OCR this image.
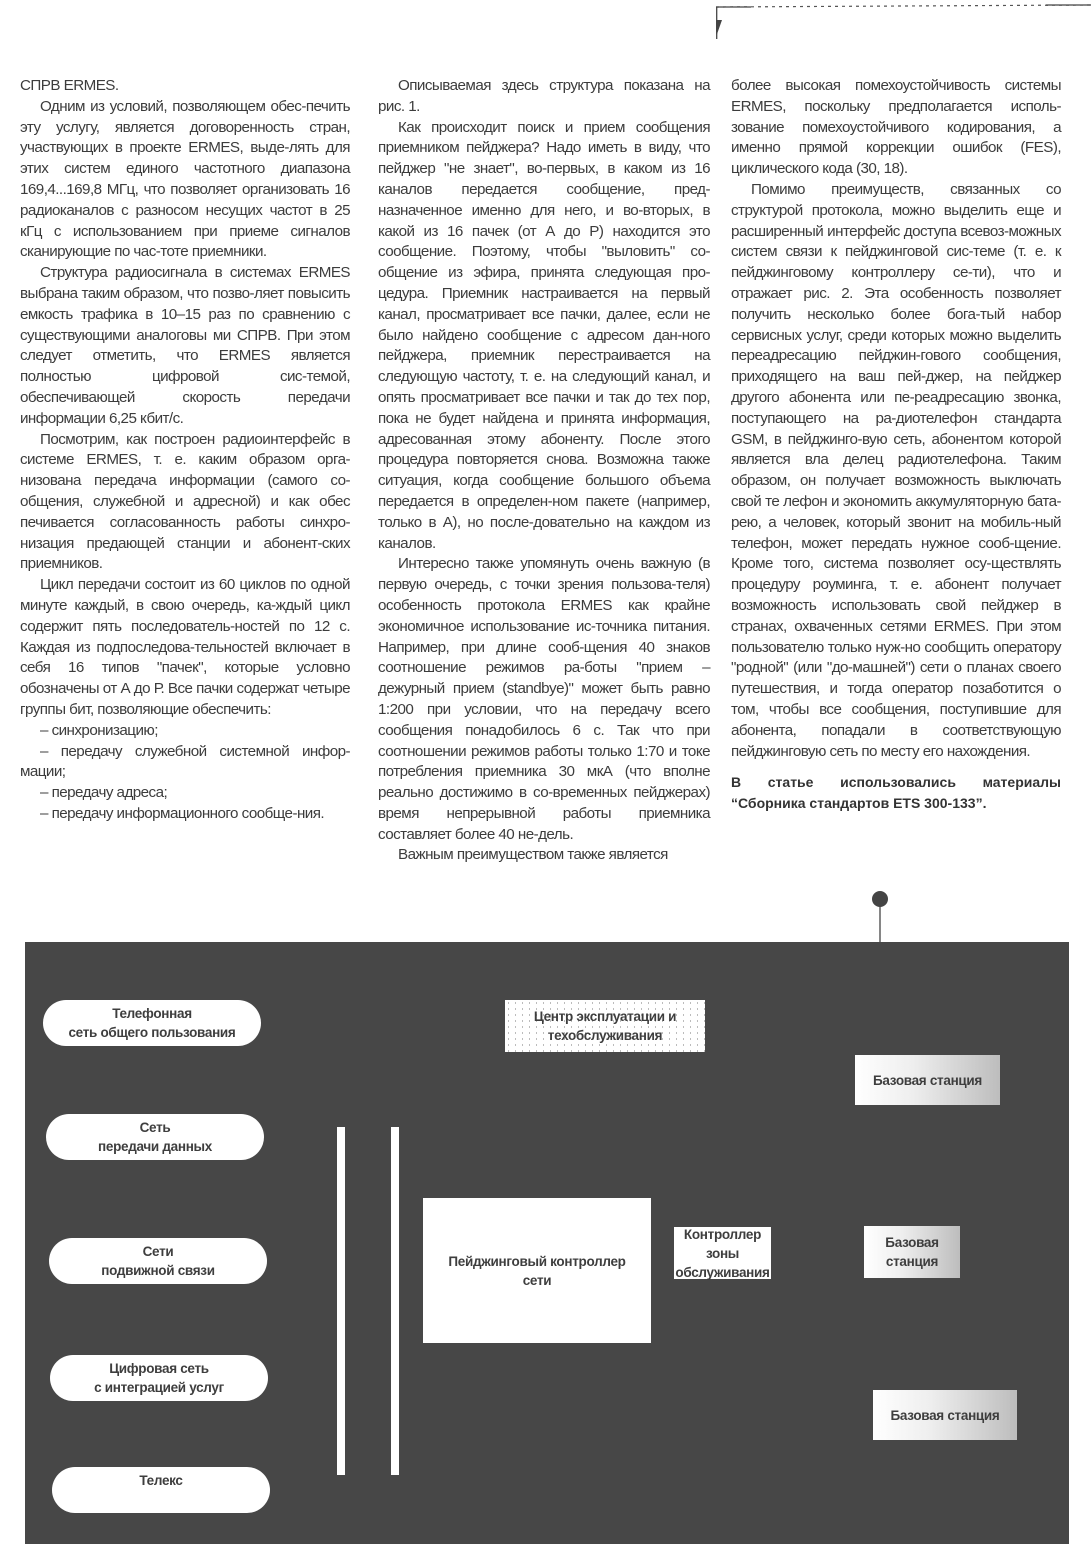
СПРВ ERMES.

Одним из условий, позволяющем обес-печить эту услугу, является договоренность стран, участвующих в проекте ERMES, выде-лять для этих систем единого частотного диапазона 169,4...169,8 МГц, что позволяет организовать 16 радиоканалов с разносом несущих частот в 25 кГц с использованием при приеме сигналов сканирующие по час-тоте приемники.

Структура радиосигнала в системах ERMES выбрана таким образом, что позво-ляет повысить емкость трафика в 10–15 раз по сравнению с существующими аналоговы ми СПРВ. При этом следует отметить, что ERMES является полностью цифровой сис-темой, обеспечивающей скорость передачи информации 6,25 кбит/с.

Посмотрим, как построен радиоинтерфейс в системе ERMES, т. е. каким образом орга-низована передача информации (самого со-общения, служебной и адресной) и как обес печивается согласованность работы синхро-низация предающей станции и абонент-ских приемников.

Цикл передачи состоит из 60 циклов по одной минуте каждый, в свою очередь, ка-ждый цикл содержит пять последователь-ностей по 12 с. Каждая из подпоследова-тельностей включает в себя 16 типов "пачек", которые условно обозначены от А до Р. Все пачки содержат четыре группы бит, позволяющие обеспечить:

– синхронизацию;

– передачу служебной системной инфор-мации;

– передачу адреса;

– передачу информационного сообще-ния.

Описываемая здесь структура показана на рис. 1.

Как происходит поиск и прием сообщения приемником пейджера? Надо иметь в виду, что пейджер "не знает", во-первых, в каком из 16 каналов передается сообщение, пред-назначенное именно для него, и во-вторых, в какой из 16 пачек (от А до Р) находится это сообщение. Поэтому, чтобы "выловить" со-общение из эфира, принята следующая про-цедура. Приемник настраивается на первый канал, просматривает все пачки, далее, если не было найдено сообщение с адресом дан-ного пейджера, приемник перестраивается на следующую частоту, т. е. на следующий канал, и опять просматривает все пачки и так до тех пор, пока не будет найдена и принята информация, адресованная этому абоненту. После этого процедура повторяется снова. Возможна также ситуация, когда сообщение большого объема передается в определен-ном пакете (например, только в А), но после-довательно на каждом из каналов.

Интересно также упомянуть очень важную (в первую очередь, с точки зрения пользова-теля) особенность протокола ERMES как крайне экономичное использование ис-точника питания. Например, при длине сооб-щения 40 знаков соотношение режимов ра-боты "прием – дежурный прием (standbye)" может быть равно 1:200 при условии, что на передачу всего сообщения понадобилось 6 с. Так что при соотношении режимов работы только 1:70 и токе потребления приемника 30 мкА (что вполне реально достижимо в со-временных пейджерах) время непрерывной работы приемника составляет более 40 не-дель.

Важным преимуществом также является

более высокая помехоустойчивость системы ERMES, поскольку предполагается исполь-зование помехоустойчивого кодирования, а именно прямой коррекции ошибок (FES), циклического кода (30, 18).

Помимо преимуществ, связанных со структурой протокола, можно выделить еще и расширенный интерфейс доступа всевоз-можных систем связи к пейджинговой сис-теме (т. е. к пейджинговому контроллеру се-ти), что и отражает рис. 2. Эта особенность позволяет получить несколько более бога-тый набор сервисных услуг, среди которых можно выделить переадресацию пейджин-гового сообщения, приходящего на ваш пей-джер, на пейджер другого абонента или пе-реадресацию звонка, поступающего на ра-диотелефон стандарта GSM, в пейджинго-вую сеть, абонентом которой является вла делец радиотелефона. Таким образом, он получает возможность выключать свой те лефон и экономить аккумуляторную бата-рею, а человек, который звонит на мобиль-ный телефон, может передать нужное сооб-щение. Кроме того, система позволяет осу-ществлять процедуру роуминга, т. е. абонент получает возможность использовать свой пейджер в странах, охваченных сетями ERMES. При этом пользователю только нуж-но сообщить оператору "родной" (или "до-машней") сети о планах своего путешествия, и тогда оператор позаботится о том, чтобы все сообщения, поступившие для абонента, попадали в соответствующую пейджинговую сеть по месту его нахождения.

В статье использовались материалы
“Сборника стандартов ETS 300-133”.

Телефонная
сеть общего пользования
Сеть
передачи данных
Сети
подвижной связи
Цифровая сеть
с интеграцией услуг
Телекс
Центр эксплуатации и
техобслуживания
Пейджинговый контроллер
сети
Контроллер зоны
обслуживания
Базовая станция
Базовая станция
Базовая станция
